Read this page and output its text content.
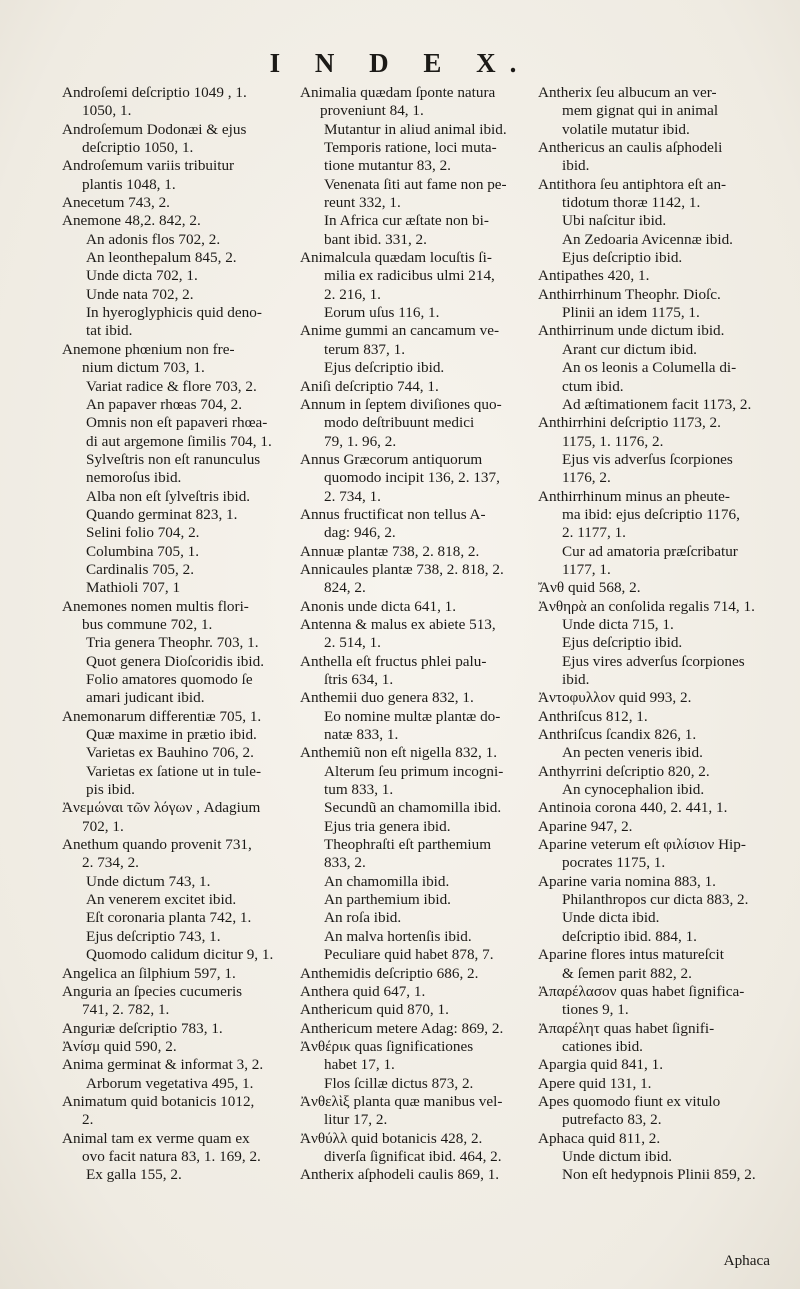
I N D E X.
Androſemi deſcriptio 1049 , 1.
1050, 1.
Androſemum Dodonæi & ejus
deſcriptio 1050, 1.
Androſemum variis tribuitur
plantis 1048, 1.
Anecetum 743, 2.
Anemone 48,2. 842, 2.
An adonis flos 702, 2.
An leonthepalum 845, 2.
Unde dicta 702, 1.
Unde nata 702, 2.
In hyeroglyphicis quid deno-
tat ibid.
Anemone phœnium non fre-
nium dictum 703, 1.
Variat radice & flore 703, 2.
An papaver rhœas 704, 2.
Omnis non eſt papaveri rhœa-
di aut argemone ſimilis 704, 1.
Sylveſtris non eſt ranunculus
nemoroſus ibid.
Alba non eſt ſylveſtris ibid.
Quando germinat 823, 1.
Selini folio 704, 2.
Columbina 705, 1.
Cardinalis 705, 2.
Mathioli 707, 1
Anemones nomen multis flori-
bus commune 702, 1.
Tria genera Theophr. 703, 1.
Quot genera Dioſcoridis ibid.
Folio amatores quomodo ſe
amari judicant ibid.
Anemonarum differentiæ 705, 1.
Quæ maxime in prætio ibid.
Varietas ex Bauhino 706, 2.
Varietas ex ſatione ut in tule-
pis ibid.
Ἀνεμώναι τῶν λόγων , Adagium
702, 1.
Anethum quando provenit 731,
2. 734, 2.
Unde dictum 743, 1.
An venerem excitet ibid.
Eſt coronaria planta 742, 1.
Ejus deſcriptio 743, 1.
Quomodo calidum dicitur 9, 1.
Angelica an ſilphium 597, 1.
Anguria an ſpecies cucumeris
741, 2. 782, 1.
Anguriæ deſcriptio 783, 1.
Ἀνίσμ quid 590, 2.
Anima germinat & informat 3, 2.
Arborum vegetativa 495, 1.
Animatum quid botanicis 1012,
2.
Animal tam ex verme quam ex
ovo facit natura 83, 1. 169, 2.
Ex galla 155, 2.
Animalia quædam ſponte natura
proveniunt 84, 1.
Mutantur in aliud animal ibid.
Temporis ratione, loci muta-
tione mutantur 83, 2.
Venenata ſiti aut fame non pe-
reunt 332, 1.
In Africa cur æſtate non bi-
bant ibid. 331, 2.
Animalcula quædam locuſtis ſi-
milia ex radicibus ulmi 214,
2. 216, 1.
Eorum uſus 116, 1.
Anime gummi an cancamum ve-
terum 837, 1.
Ejus deſcriptio ibid.
Aniſi deſcriptio 744, 1.
Annum in ſeptem diviſiones quo-
modo deſtribuunt medici
79, 1. 96, 2.
Annus Græcorum antiquorum
quomodo incipit 136, 2. 137,
2. 734, 1.
Annus fructificat non tellus A-
dag: 946, 2.
Annuæ plantæ 738, 2. 818, 2.
Annicaules plantæ 738, 2. 818, 2.
824, 2.
Anonis unde dicta 641, 1.
Antenna & malus ex abiete 513,
2. 514, 1.
Anthella eſt fructus phlei palu-
ſtris 634, 1.
Anthemii duo genera 832, 1.
Eo nomine multæ plantæ do-
natæ 833, 1.
Anthemiũ non eſt nigella 832, 1.
Alterum ſeu primum incogni-
tum 833, 1.
Secundũ an chamomilla ibid.
Ejus tria genera ibid.
Theophraſti eſt parthemium
833, 2.
An chamomilla ibid.
An parthemium ibid.
An roſa ibid.
An malva hortenſis ibid.
Peculiare quid habet 878, 7.
Anthemidis deſcriptio 686, 2.
Anthera quid 647, 1.
Anthericum quid 870, 1.
Anthericum metere Adag: 869, 2.
Ἀνθέρικ quas ſignificationes
habet 17, 1.
Flos ſcillæ dictus 873, 2.
Ἀνθελὶξ planta quæ manibus vel-
litur 17, 2.
Ἀνθύλλ quid botanicis 428, 2.
diverſa ſignificat ibid. 464, 2.
Antherix aſphodeli caulis 869, 1.
Antherix ſeu albucum an ver-
mem gignat qui in animal
volatile mutatur ibid.
Anthericus an caulis aſphodeli
ibid.
Antithora ſeu antiphtora eſt an-
tidotum thoræ 1142, 1.
Ubi naſcitur ibid.
An Zedoaria Avicennæ ibid.
Ejus deſcriptio ibid.
Antipathes 420, 1.
Anthirrhinum Theophr. Dioſc.
Plinii an idem 1175, 1.
Anthirrinum unde dictum ibid.
Arant cur dictum ibid.
An os leonis a Columella di-
ctum ibid.
Ad æſtimationem facit 1173, 2.
Anthirrhini deſcriptio 1173, 2.
1175, 1. 1176, 2.
Ejus vis adverſus ſcorpiones
1176, 2.
Anthirrhinum minus an pheute-
ma ibid: ejus deſcriptio 1176,
2. 1177, 1.
Cur ad amatoria præſcribatur
1177, 1.
Ἄνθ quid 568, 2.
Ἀνθηρὰ an conſolida regalis 714, 1.
Unde dicta 715, 1.
Ejus deſcriptio ibid.
Ejus vires adverſus ſcorpiones
ibid.
Ἀντοφυλλον quid 993, 2.
Anthriſcus 812, 1.
Anthriſcus ſcandix 826, 1.
An pecten veneris ibid.
Anthyrrini deſcriptio 820, 2.
An cynocephalion ibid.
Antinoia corona 440, 2. 441, 1.
Aparine 947, 2.
Aparine veterum eſt φιλίσιον Hip-
pocrates 1175, 1.
Aparine varia nomina 883, 1.
Philanthropos cur dicta 883, 2.
Unde dicta ibid.
deſcriptio ibid. 884, 1.
Aparine flores intus matureſcit
& ſemen parit 882, 2.
Ἀπαρέλασον quas habet ſignifica-
tiones 9, 1.
Ἀπαρέλητ quas habet ſignifi-
cationes ibid.
Apargia quid 841, 1.
Apere quid 131, 1.
Apes quomodo fiunt ex vitulo
putrefacto 83, 2.
Aphaca quid 811, 2.
Unde dictum ibid.
Non eſt hedypnois Plinii 859, 2.
Aphaca
